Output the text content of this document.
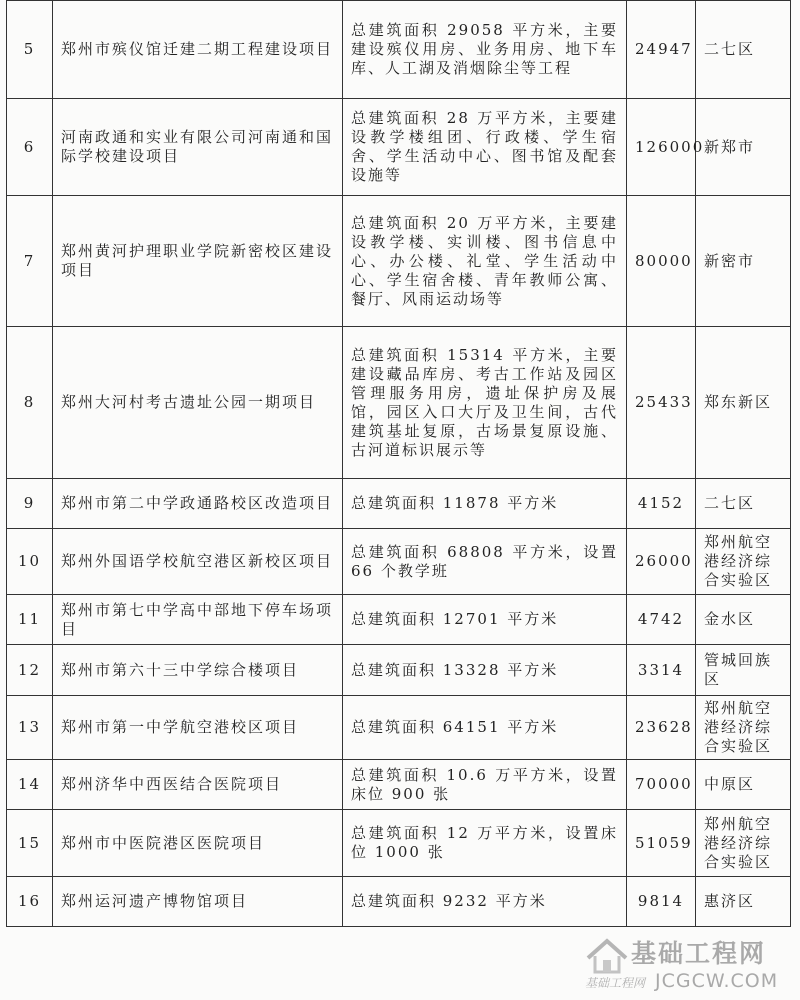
5	郑州市殡仪馆迁建二期工程建设项目	总建筑面积 29058 平方米，主要建设殡仪用房、业务用房、地下车库、人工湖及消烟除尘等工程	24947	二七区
6	河南政通和实业有限公司河南通和国际学校建设项目	总建筑面积 28 万平方米，主要建设教学楼组团、行政楼、学生宿舍、学生活动中心、图书馆及配套设施等	126000	新郑市
7	郑州黄河护理职业学院新密校区建设项目	总建筑面积 20 万平方米，主要建设教学楼、实训楼、图书信息中心、办公楼、礼堂、学生活动中心、学生宿舍楼、青年教师公寓、餐厅、风雨运动场等	80000	新密市
8	郑州大河村考古遗址公园一期项目	总建筑面积 15314 平方米，主要建设藏品库房、考古工作站及园区管理服务用房，遗址保护房及展馆，园区入口大厅及卫生间，古代建筑基址复原，古场景复原设施、古河道标识展示等	25433	郑东新区
9	郑州市第二中学政通路校区改造项目	总建筑面积 11878 平方米	4152	二七区
10	郑州外国语学校航空港区新校区项目	总建筑面积 68808 平方米，设置 66 个教学班	26000	郑州航空港经济综合实验区
11	郑州市第七中学高中部地下停车场项目	总建筑面积 12701 平方米	4742	金水区
12	郑州市第六十三中学综合楼项目	总建筑面积 13328 平方米	3314	管城回族区
13	郑州市第一中学航空港校区项目	总建筑面积 64151 平方米	23628	郑州航空港经济综合实验区
14	郑州济华中西医结合医院项目	总建筑面积 10.6 万平方米，设置床位 900 张	70000	中原区
15	郑州市中医院港区医院项目	总建筑面积 12 万平方米，设置床位 1000 张	51059	郑州航空港经济综合实验区
16	郑州运河遗产博物馆项目	总建筑面积 9232 平方米	9814	惠济区
基础工程网
基础工程网 JCGCW.COM
